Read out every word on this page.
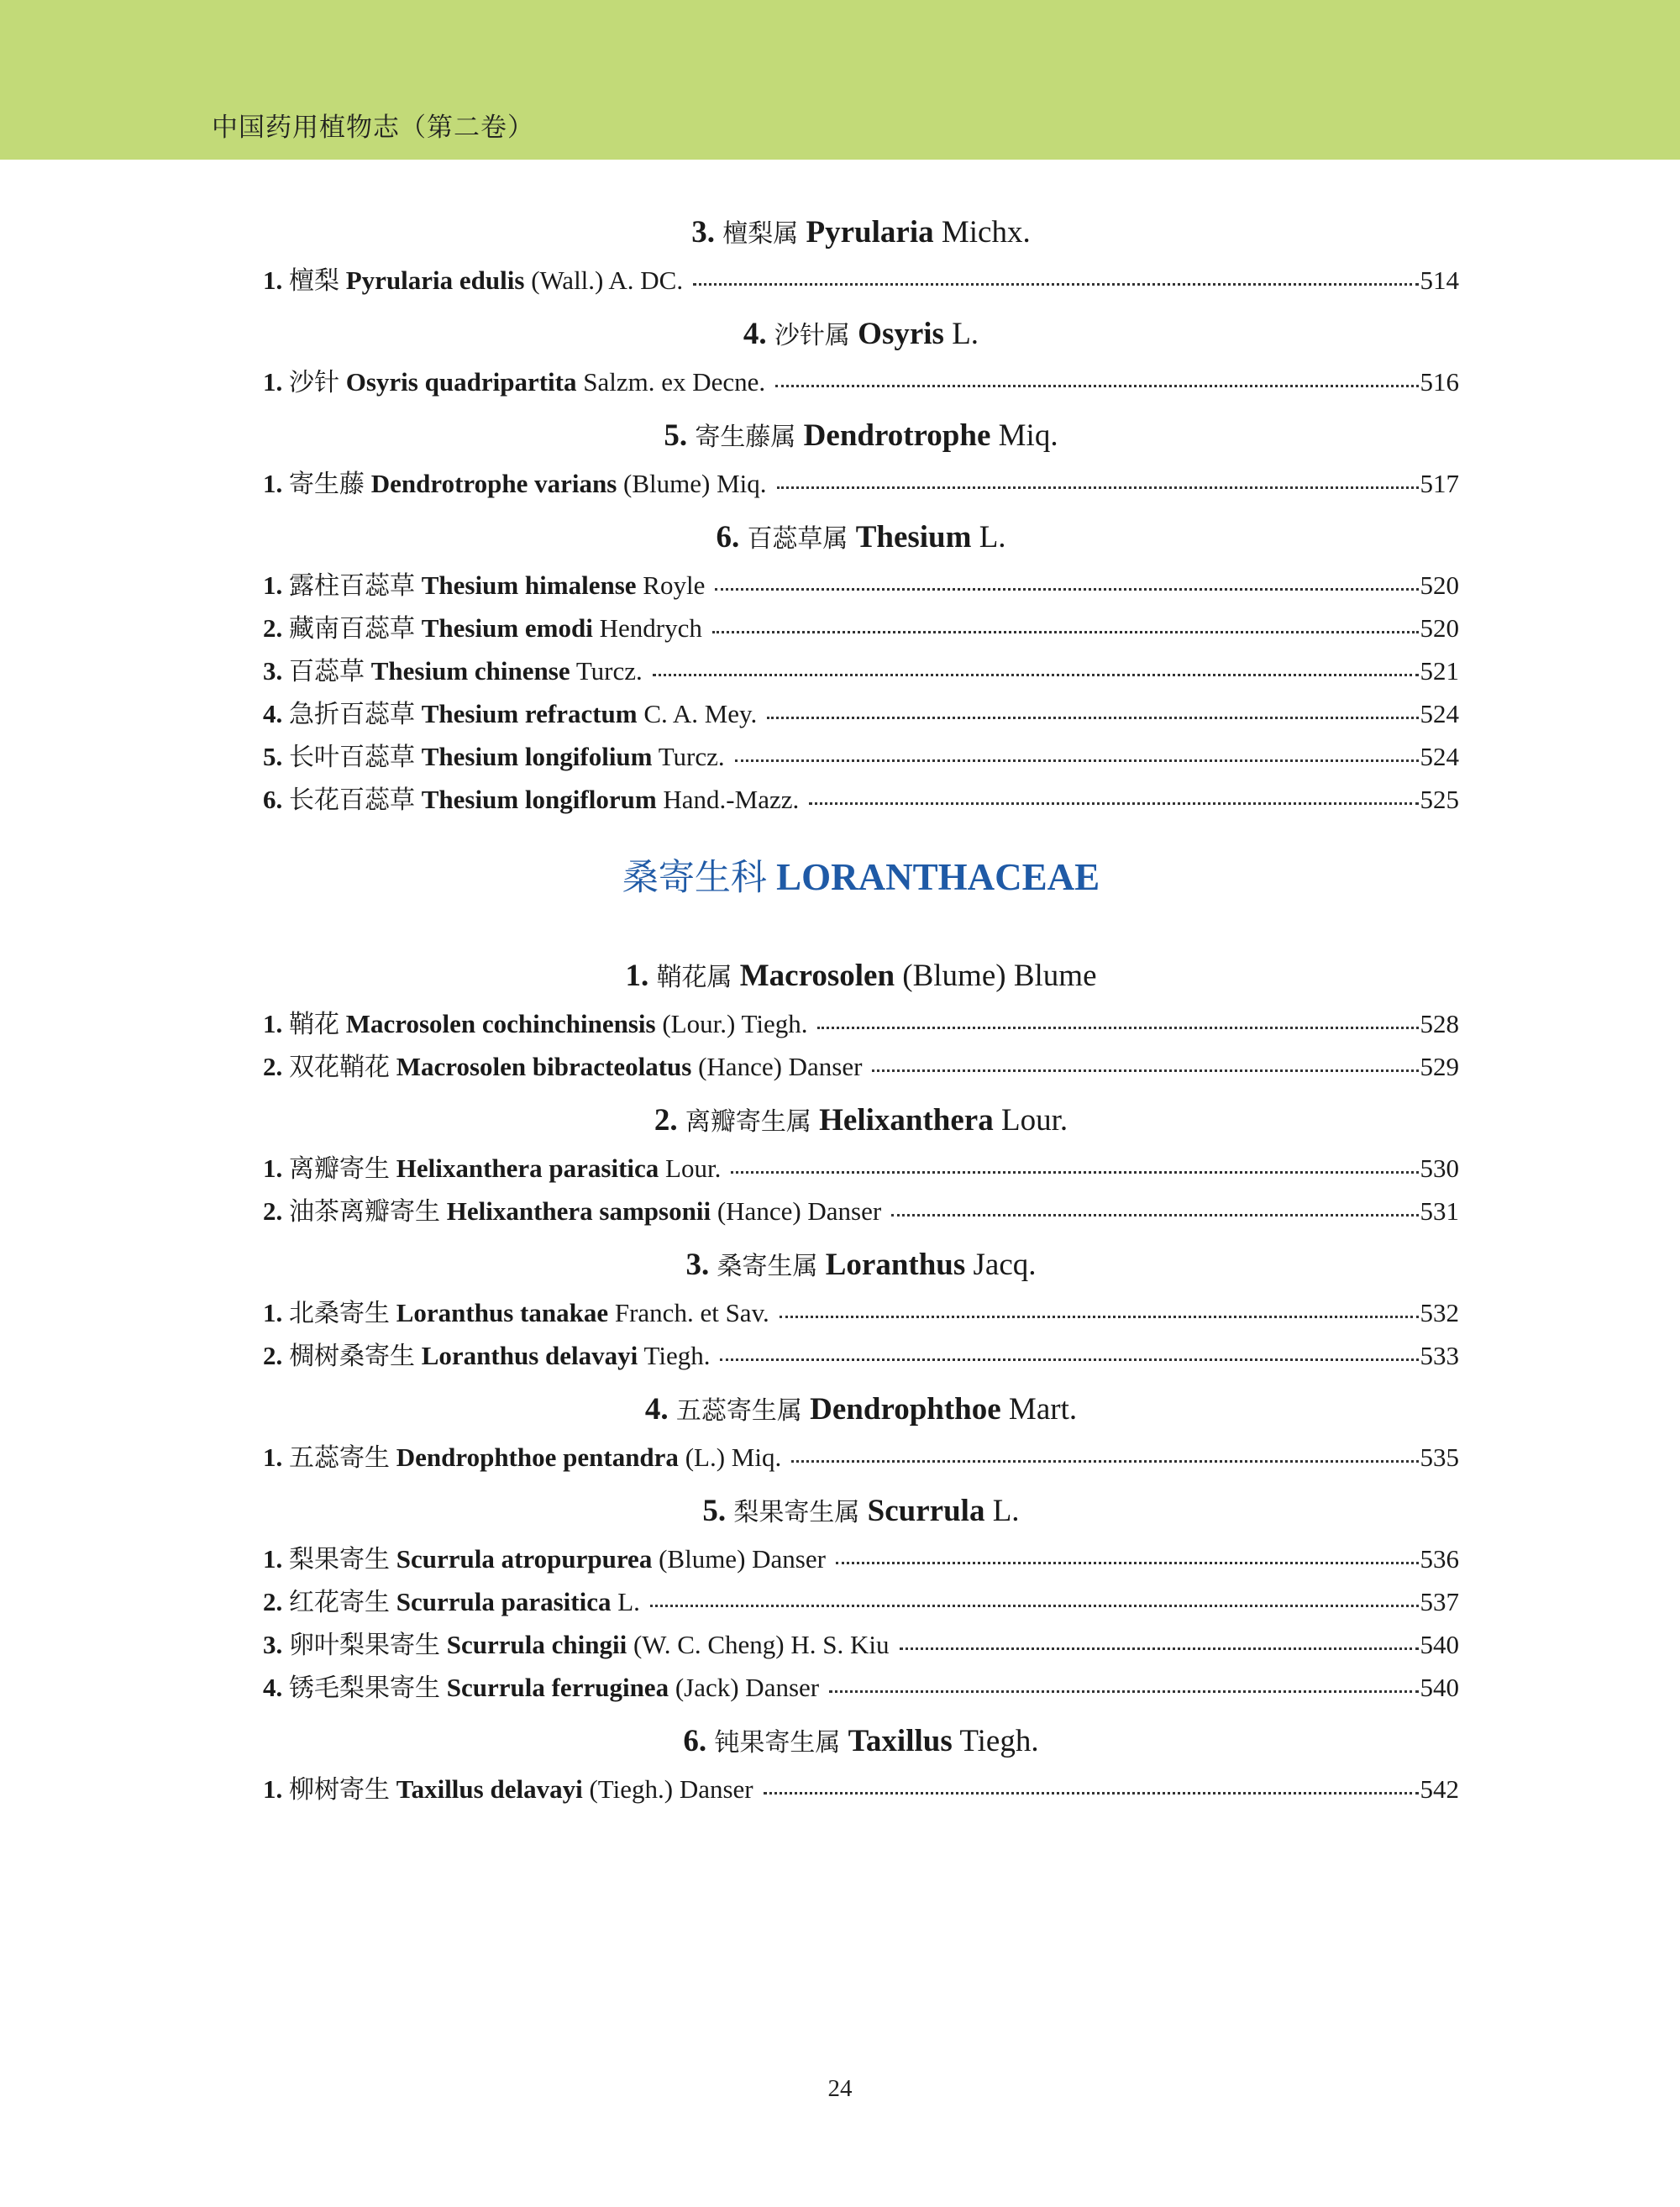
中国药用植物志（第二卷）
3. 檀梨属 Pyrularia Michx.
1. 檀梨 Pyrularia edulis (Wall.) A. DC.	514
4. 沙针属 Osyris L.
1. 沙针 Osyris quadripartita Salzm. ex Decne.	516
5. 寄生藤属 Dendrotrophe Miq.
1. 寄生藤 Dendrotrophe varians (Blume) Miq.	517
6. 百蕊草属 Thesium L.
1. 露柱百蕊草 Thesium himalense Royle	520
2. 藏南百蕊草 Thesium emodi Hendrych	520
3. 百蕊草 Thesium chinense Turcz.	521
4. 急折百蕊草 Thesium refractum C. A. Mey.	524
5. 长叶百蕊草 Thesium longifolium Turcz.	524
6. 长花百蕊草 Thesium longiflorum Hand.-Mazz.	525
桑寄生科 LORANTHACEAE
1. 鞘花属 Macrosolen (Blume) Blume
1. 鞘花 Macrosolen cochinchinensis (Lour.) Tiegh.	528
2. 双花鞘花 Macrosolen bibracteolatus (Hance) Danser	529
2. 离瓣寄生属 Helixanthera Lour.
1. 离瓣寄生 Helixanthera parasitica Lour.	530
2. 油茶离瓣寄生 Helixanthera sampsonii (Hance) Danser	531
3. 桑寄生属 Loranthus Jacq.
1. 北桑寄生 Loranthus tanakae Franch. et Sav.	532
2. 椆树桑寄生 Loranthus delavayi Tiegh.	533
4. 五蕊寄生属 Dendrophthoe Mart.
1. 五蕊寄生 Dendrophthoe pentandra (L.) Miq.	535
5. 梨果寄生属 Scurrula L.
1. 梨果寄生 Scurrula atropurpurea (Blume) Danser	536
2. 红花寄生 Scurrula parasitica L.	537
3. 卵叶梨果寄生 Scurrula chingii (W. C. Cheng) H. S. Kiu	540
4. 锈毛梨果寄生 Scurrula ferruginea (Jack) Danser	540
6. 钝果寄生属 Taxillus Tiegh.
1. 柳树寄生 Taxillus delavayi (Tiegh.) Danser	542
24
